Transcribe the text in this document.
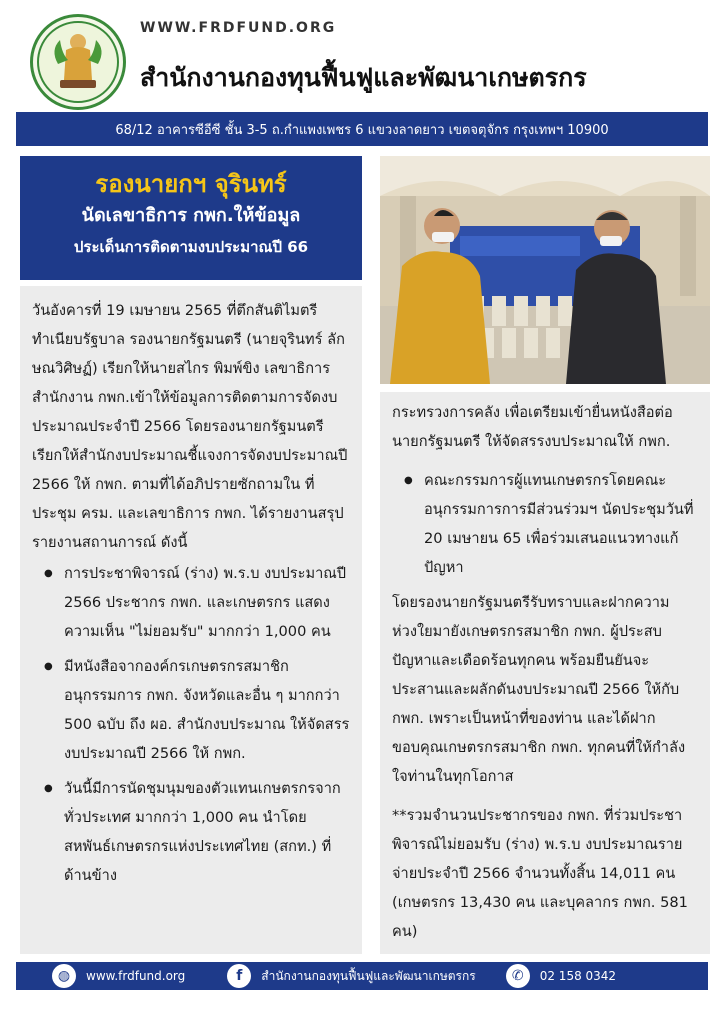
WWW.FRDFUND.ORG
สำนักงานกองทุนฟื้นฟูและพัฒนาเกษตรกร
68/12 อาคารซีอีซี ชั้น 3-5 ถ.กำแพงเพชร 6 แขวงลาดยาว เขตจตุจักร กรุงเทพฯ 10900
รองนายกฯ จุรินทร์
นัดเลขาธิการ กพก.ให้ข้อมูล
ประเด็นการติดตามงบประมาณปี 66
วันอังคารที่ 19 เมษายน 2565 ที่ตึกสันติไมตรี ทำเนียบรัฐบาล รองนายกรัฐมนตรี (นายจุรินทร์ ลักษณวิศิษฏ์) เรียกให้นายสไกร พิมพ์ขิง เลขาธิการสำนักงาน กพก.เข้าให้ข้อมูลการติดตามการจัดงบประมาณประจำปี 2566 โดยรองนายกรัฐมนตรีเรียกให้สำนักงบประมาณชี้แจงการจัดงบประมาณปี 2566 ให้ กพก. ตามที่ได้อภิปรายซักถามใน ที่ประชุม ครม. และเลขาธิการ กพก. ได้รายงานสรุปรายงานสถานการณ์ ดังนี้
● การประชาพิจารณ์ (ร่าง) พ.ร.บ งบประมาณปี 2566 ประชากร กพก. และเกษตรกร แสดงความเห็น "ไม่ยอมรับ" มากกว่า 1,000 คน
● มีหนังสือจากองค์กรเกษตรกรสมาชิก อนุกรรมการ กพก. จังหวัดและอื่น ๆ มากกว่า 500 ฉบับ ถึง ผอ. สำนักงบประมาณ ให้จัดสรรงบประมาณปี 2566 ให้ กพก.
● วันนี้มีการนัดชุมนุมของตัวแทนเกษตรกรจากทั่วประเทศ มากกว่า 1,000 คน นำโดยสหพันธ์เกษตรกรแห่งประเทศไทย (สกท.) ที่ด้านข้าง
กระทรวงการคลัง เพื่อเตรียมเข้ายื่นหนังสือต่อนายกรัฐมนตรี ให้จัดสรรงบประมาณให้ กพก.
● คณะกรรมการผู้แทนเกษตรกรโดยคณะอนุกรรมการการมีส่วนร่วมฯ นัดประชุมวันที่ 20 เมษายน 65 เพื่อร่วมเสนอแนวทางแก้ปัญหา
โดยรองนายกรัฐมนตรีรับทราบและฝากความห่วงใยมายังเกษตรกรสมาชิก กพก. ผู้ประสบปัญหาและเดือดร้อนทุกคน พร้อมยืนยันจะประสานและผลักดันงบประมาณปี 2566 ให้กับ กพก. เพราะเป็นหน้าที่ของท่าน และได้ฝากขอบคุณเกษตรกรสมาชิก กพก. ทุกคนที่ให้กำลังใจท่านในทุกโอกาส
**รวมจำนวนประชากรของ กพก. ที่ร่วมประชาพิจารณ์ไม่ยอมรับ (ร่าง) พ.ร.บ งบประมาณรายจ่ายประจำปี 2566 จำนวนทั้งสิ้น 14,011 คน (เกษตรกร 13,430 คน และบุคลากร กพก. 581 คน)
◍	www.frdfund.org	f	สำนักงานกองทุนฟื้นฟูและพัฒนาเกษตรกร	✆	02 158 0342
